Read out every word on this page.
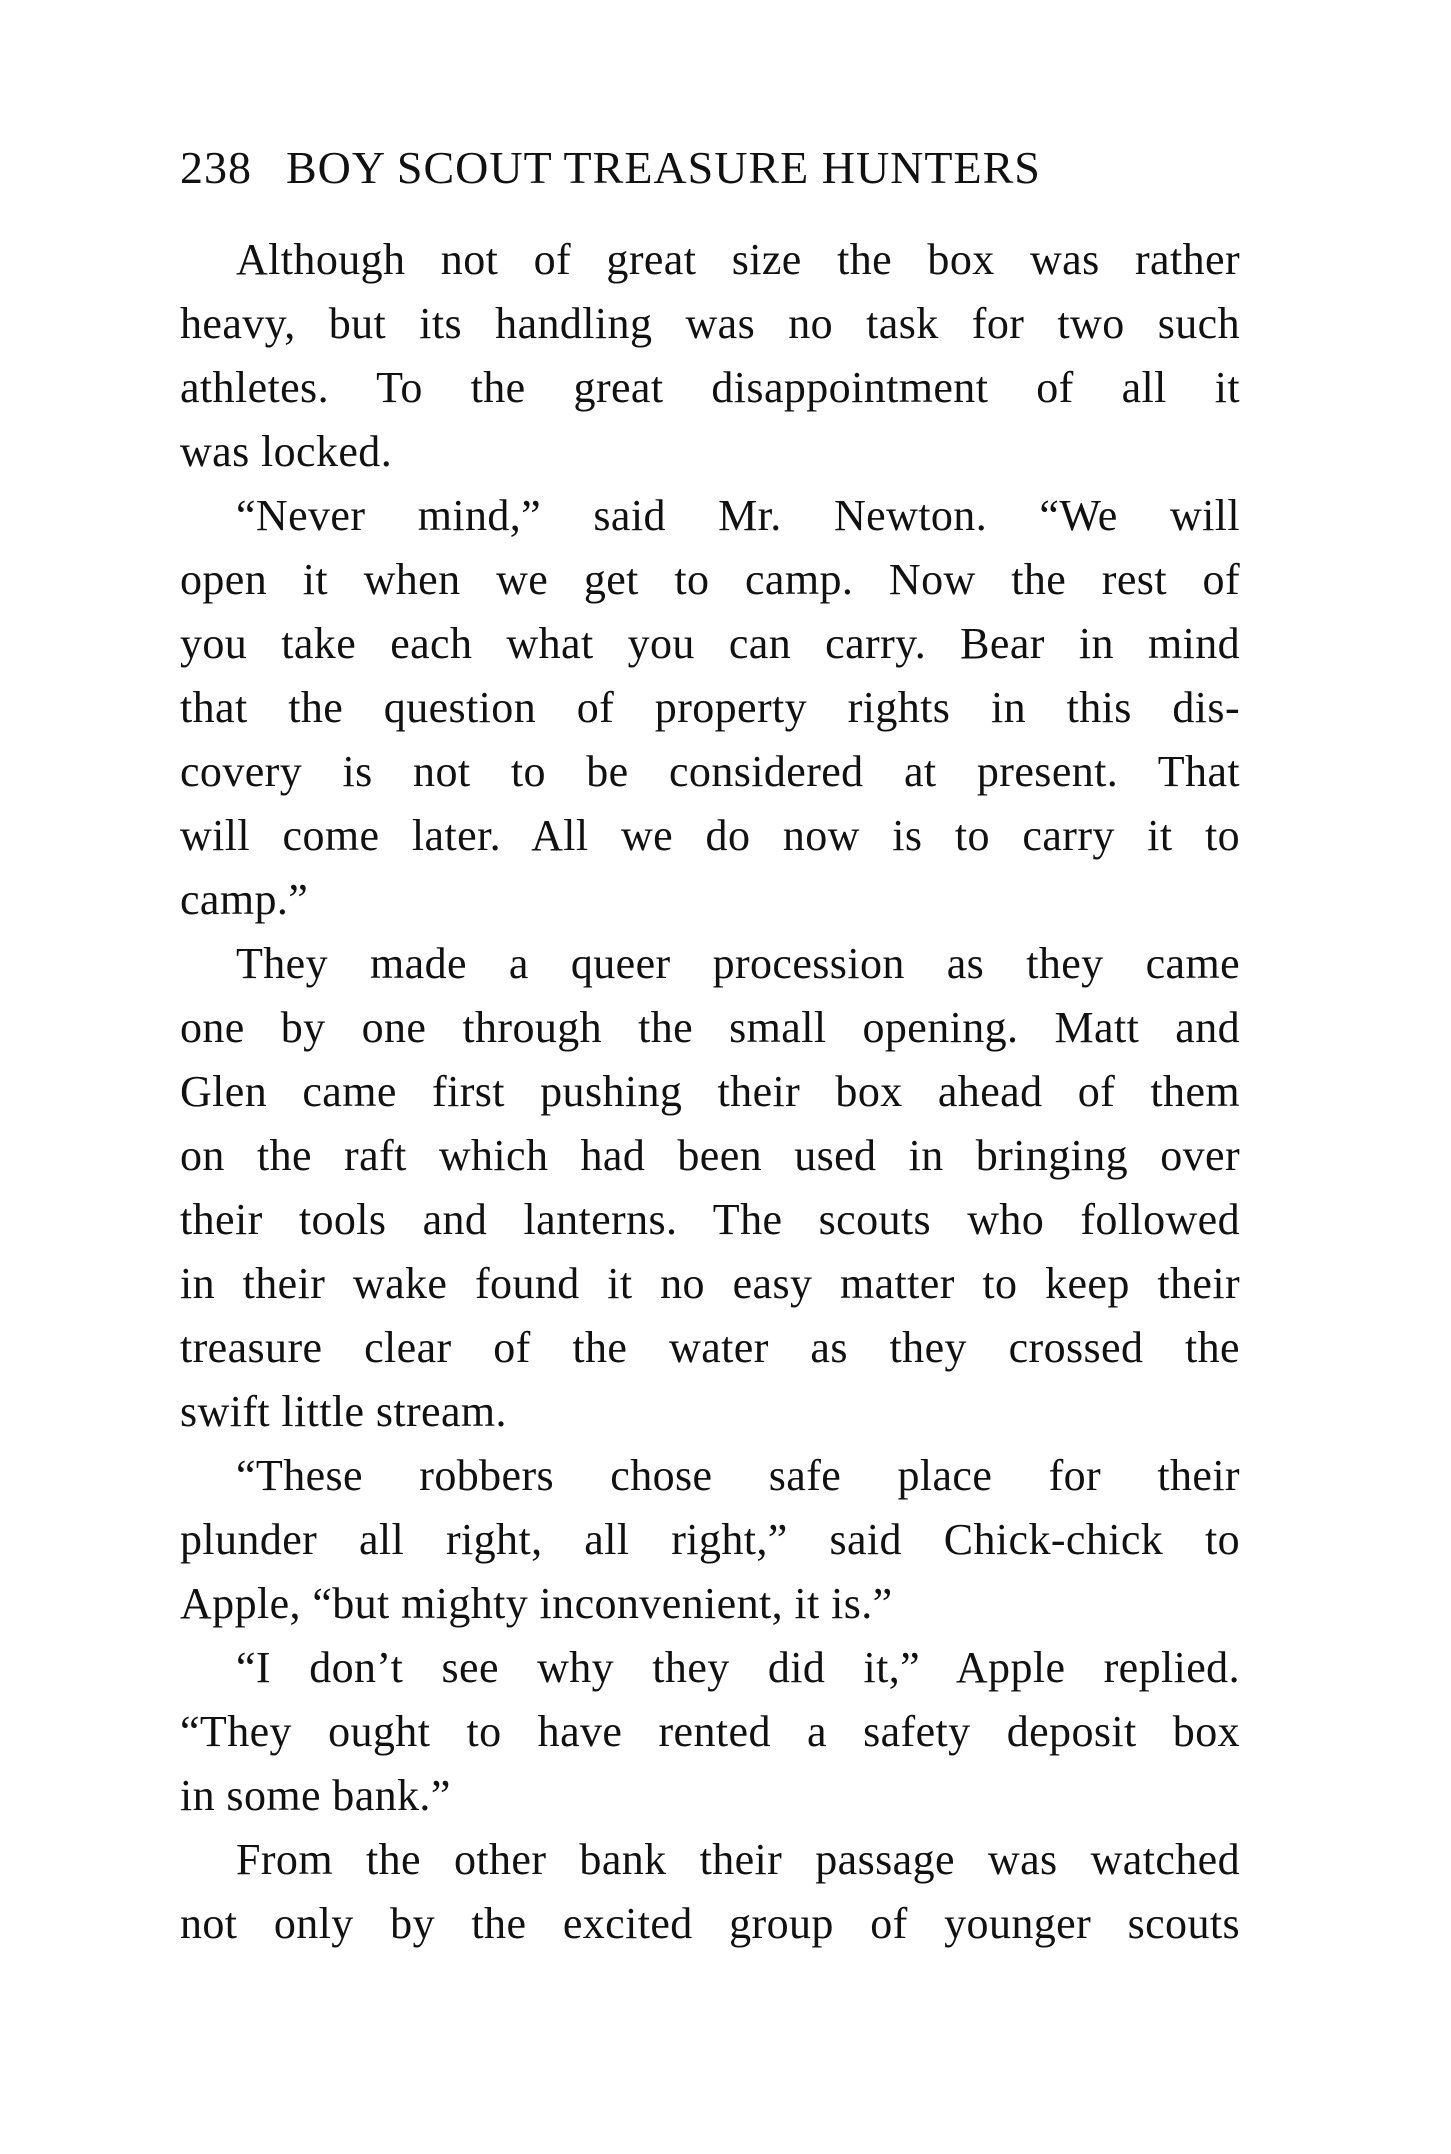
238 BOY SCOUT TREASURE HUNTERS
Although not of great size the box was rather
heavy, but its handling was no task for two such
athletes. To the great disappointment of all it
was locked.
“Never mind,” said Mr. Newton. “We will
open it when we get to camp. Now the rest of
you take each what you can carry. Bear in mind
that the question of property rights in this dis-
covery is not to be considered at present. That
will come later. All we do now is to carry it to
camp.”
They made a queer procession as they came
one by one through the small opening. Matt and
Glen came first pushing their box ahead of them
on the raft which had been used in bringing over
their tools and lanterns. The scouts who followed
in their wake found it no easy matter to keep their
treasure clear of the water as they crossed the
swift little stream.
“These robbers chose safe place for their
plunder all right, all right,” said Chick-chick to
Apple, “but mighty inconvenient, it is.”
“I don’t see why they did it,” Apple replied.
“They ought to have rented a safety deposit box
in some bank.”
From the other bank their passage was watched
not only by the excited group of younger scouts
